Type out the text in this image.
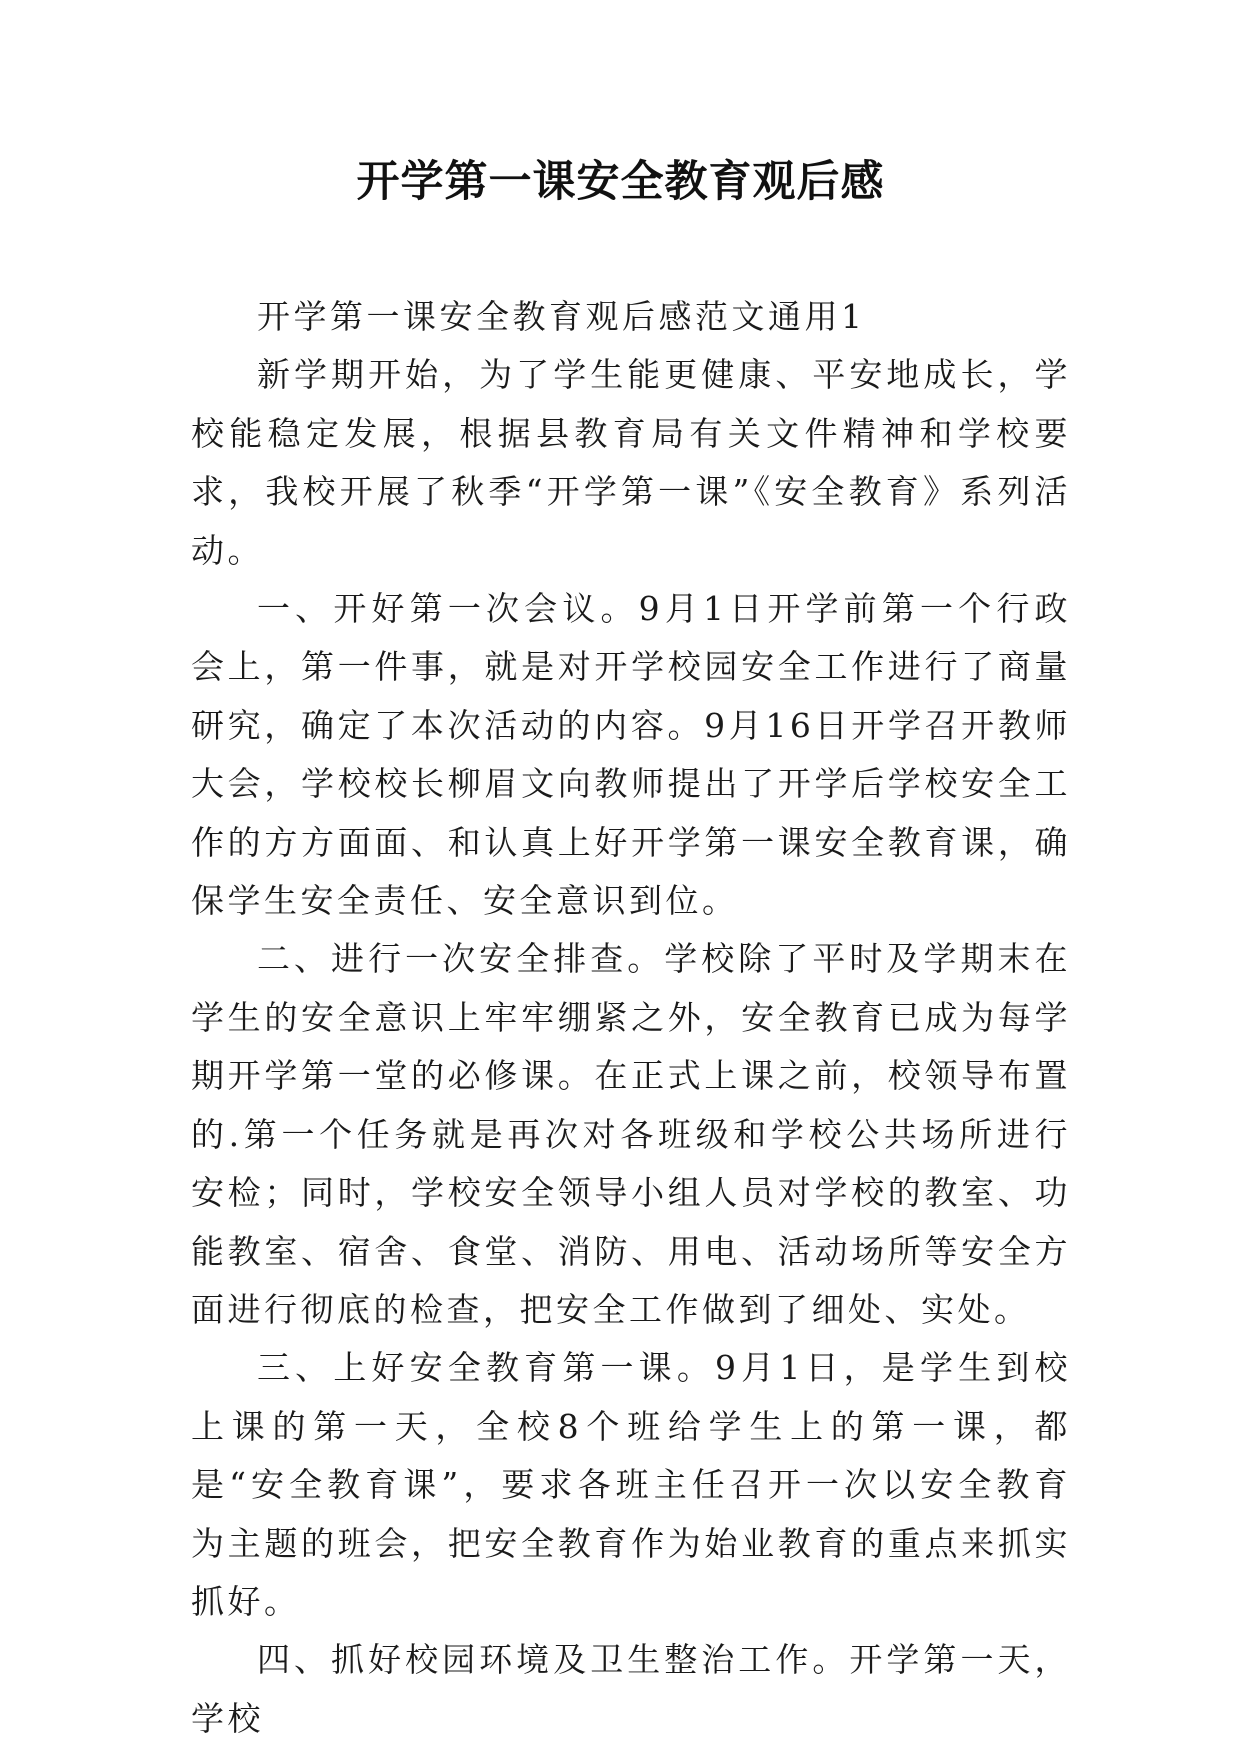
开学第一课安全教育观后感

开学第一课安全教育观后感范文通用1

新学期开始，为了学生能更健康、平安地成长，学校能稳定发展，根据县教育局有关文件精神和学校要求，我校开展了秋季“开学第一课”《安全教育》系列活动。

一、开好第一次会议。9月1日开学前第一个行政会上，第一件事，就是对开学校园安全工作进行了商量研究，确定了本次活动的内容。9月16日开学召开教师大会，学校校长柳眉文向教师提出了开学后学校安全工作的方方面面、和认真上好开学第一课安全教育课，确保学生安全责任、安全意识到位。

二、进行一次安全排查。学校除了平时及学期末在学生的安全意识上牢牢绷紧之外，安全教育已成为每学期开学第一堂的必修课。在正式上课之前，校领导布置的.第一个任务就是再次对各班级和学校公共场所进行安检；同时，学校安全领导小组人员对学校的教室、功能教室、宿舍、食堂、消防、用电、活动场所等安全方面进行彻底的检查，把安全工作做到了细处、实处。

三、上好安全教育第一课。9月1日，是学生到校上课的第一天，全校8个班给学生上的第一课，都是“安全教育课”，要求各班主任召开一次以安全教育为主题的班会，把安全教育作为始业教育的重点来抓实抓好。

四、抓好校园环境及卫生整治工作。开学第一天，学校
